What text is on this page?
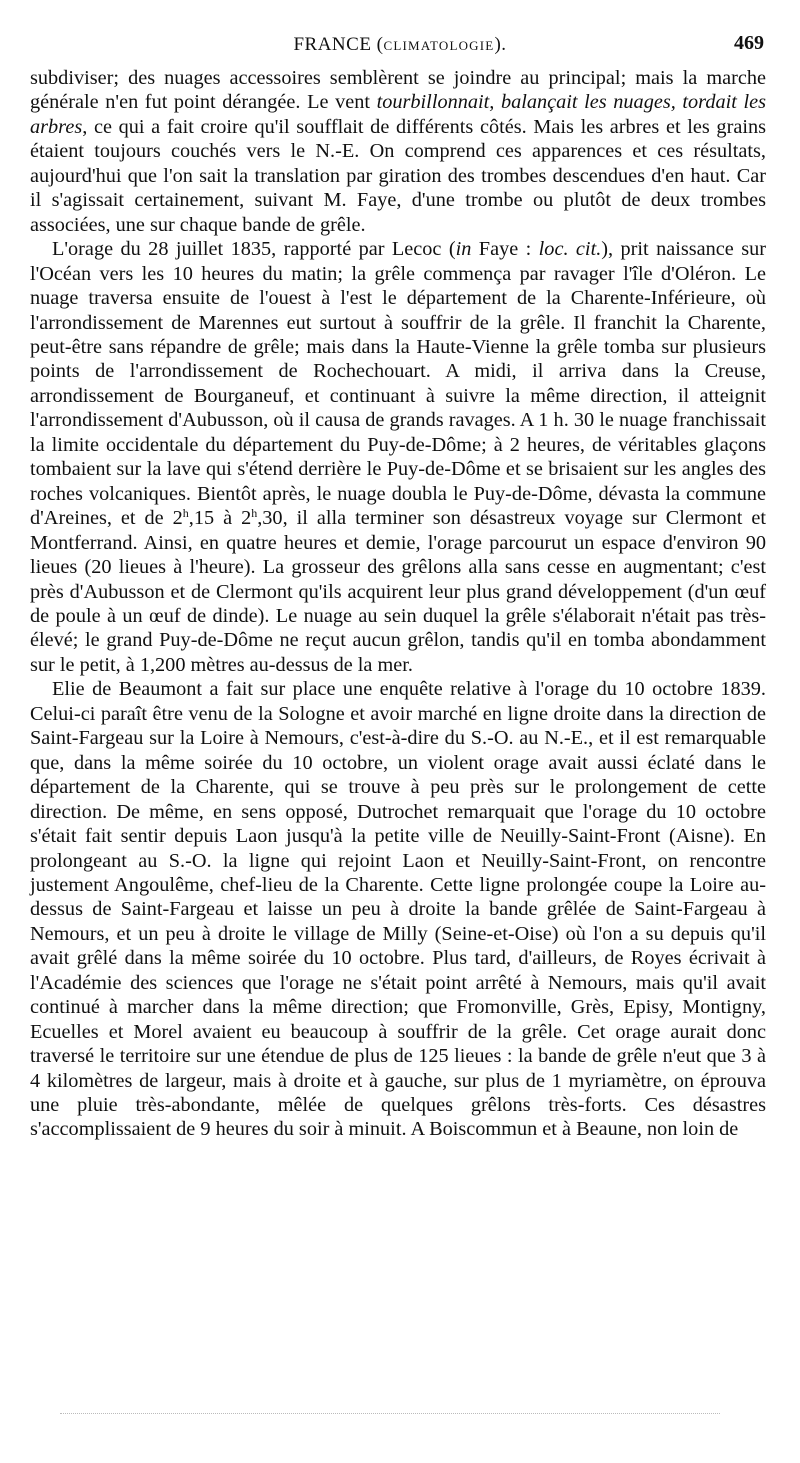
FRANCE (CLIMATOLOGIE).	469

subdiviser; des nuages accessoires semblèrent se joindre au principal; mais la marche générale n'en fut point dérangée. Le vent tourbillonnait, balançait les nuages, tordait les arbres, ce qui a fait croire qu'il soufflait de différents côtés. Mais les arbres et les grains étaient toujours couchés vers le N.-E. On comprend ces apparences et ces résultats, aujourd'hui que l'on sait la translation par giration des trombes descendues d'en haut. Car il s'agissait certainement, suivant M. Faye, d'une trombe ou plutôt de deux trombes associées, une sur chaque bande de grêle.

L'orage du 28 juillet 1835, rapporté par Lecoc (in Faye : loc. cit.), prit naissance sur l'Océan vers les 10 heures du matin; la grêle commença par ravager l'île d'Oléron. Le nuage traversa ensuite de l'ouest à l'est le département de la Charente-Inférieure, où l'arrondissement de Marennes eut surtout à souffrir de la grêle. Il franchit la Charente, peut-être sans répandre de grêle; mais dans la Haute-Vienne la grêle tomba sur plusieurs points de l'arrondissement de Rochechouart. A midi, il arriva dans la Creuse, arrondissement de Bourganeuf, et continuant à suivre la même direction, il atteignit l'arrondissement d'Aubusson, où il causa de grands ravages. A 1 h. 30 le nuage franchissait la limite occidentale du département du Puy-de-Dôme; à 2 heures, de véritables glaçons tombaient sur la lave qui s'étend derrière le Puy-de-Dôme et se brisaient sur les angles des roches volcaniques. Bientôt après, le nuage doubla le Puy-de-Dôme, dévasta la commune d'Areines, et de 2$^h$,15 à 2$^h$,30, il alla terminer son désastreux voyage sur Clermont et Montferrand. Ainsi, en quatre heures et demie, l'orage parcourut un espace d'environ 90 lieues (20 lieues à l'heure). La grosseur des grêlons alla sans cesse en augmentant; c'est près d'Aubusson et de Clermont qu'ils acquirent leur plus grand développement (d'un œuf de poule à un œuf de dinde). Le nuage au sein duquel la grêle s'élaborait n'était pas très-élevé; le grand Puy-de-Dôme ne reçut aucun grêlon, tandis qu'il en tomba abondamment sur le petit, à 1,200 mètres au-dessus de la mer.

Elie de Beaumont a fait sur place une enquête relative à l'orage du 10 octobre 1839. Celui-ci paraît être venu de la Sologne et avoir marché en ligne droite dans la direction de Saint-Fargeau sur la Loire à Nemours, c'est-à-dire du S.-O. au N.-E., et il est remarquable que, dans la même soirée du 10 octobre, un violent orage avait aussi éclaté dans le département de la Charente, qui se trouve à peu près sur le prolongement de cette direction. De même, en sens opposé, Dutrochet remarquait que l'orage du 10 octobre s'était fait sentir depuis Laon jusqu'à la petite ville de Neuilly-Saint-Front (Aisne). En prolongeant au S.-O. la ligne qui rejoint Laon et Neuilly-Saint-Front, on rencontre justement Angoulême, chef-lieu de la Charente. Cette ligne prolongée coupe la Loire au-dessus de Saint-Fargeau et laisse un peu à droite la bande grêlée de Saint-Fargeau à Nemours, et un peu à droite le village de Milly (Seine-et-Oise) où l'on a su depuis qu'il avait grêlé dans la même soirée du 10 octobre. Plus tard, d'ailleurs, de Royes écrivait à l'Académie des sciences que l'orage ne s'était point arrêté à Nemours, mais qu'il avait continué à marcher dans la même direction; que Fromonville, Grès, Episy, Montigny, Ecuelles et Morel avaient eu beaucoup à souffrir de la grêle. Cet orage aurait donc traversé le territoire sur une étendue de plus de 125 lieues : la bande de grêle n'eut que 3 à 4 kilomètres de largeur, mais à droite et à gauche, sur plus de 1 myriamètre, on éprouva une pluie très-abondante, mêlée de quelques grêlons très-forts. Ces désastres s'accomplissaient de 9 heures du soir à minuit. A Boiscommun et à Beaune, non loin de
